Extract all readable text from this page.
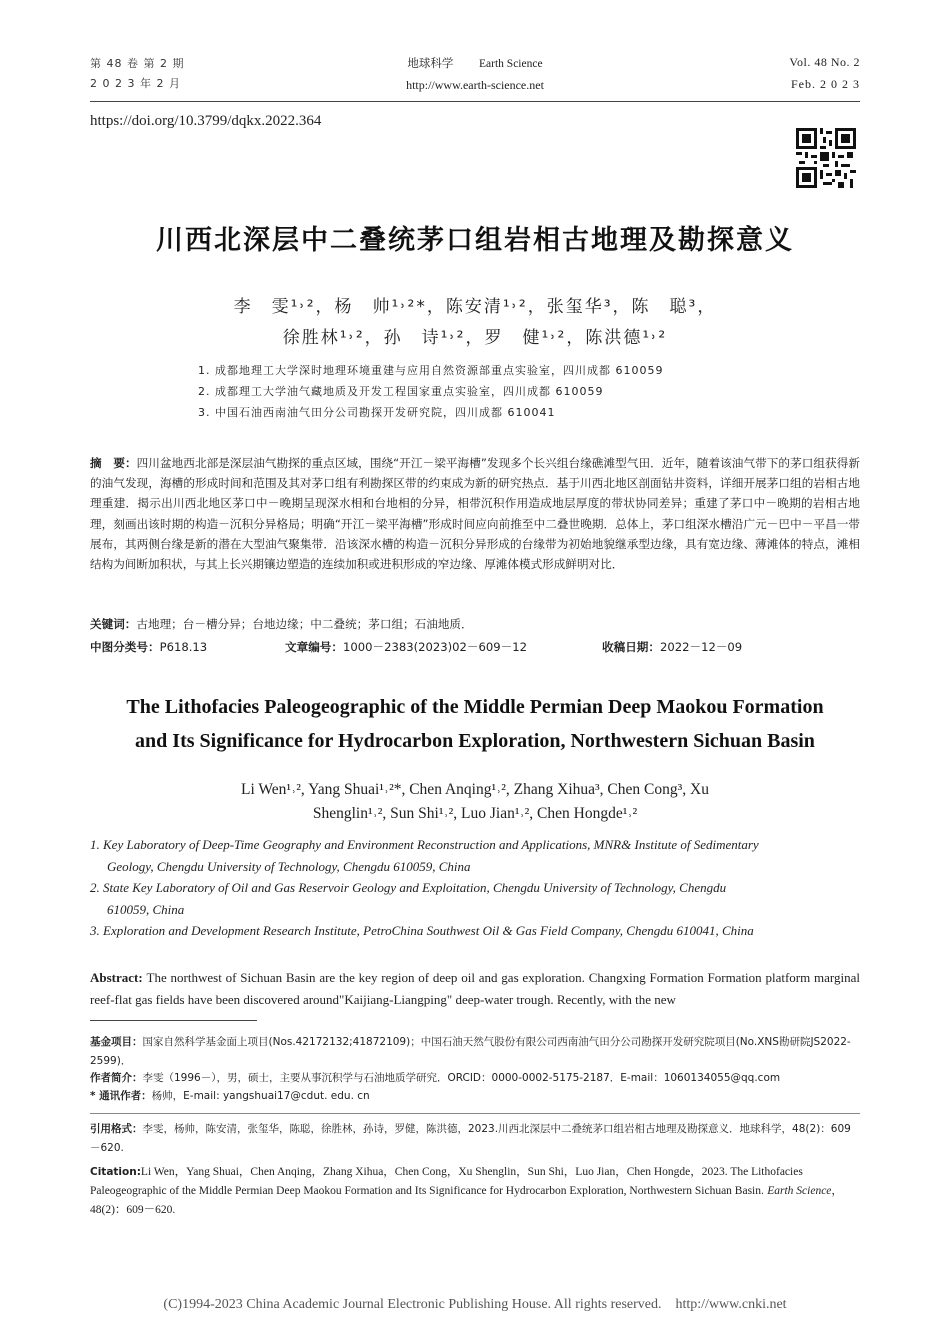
第 48 卷 第 2 期
2 0 2 3 年 2 月
地球科学 Earth Science
http://www.earth-science.net
Vol. 48 No. 2
Feb. 2 0 2 3
https://doi.org/10.3799/dqkx.2022.364
川西北深层中二叠统茅口组岩相古地理及勘探意义
李　雯¹˒²，杨　帅¹˒²*，陈安清¹˒²，张玺华³，陈　聪³，
徐胜林¹˒²，孙　诗¹˒²，罗　健¹˒²，陈洪德¹˒²
1. 成都地理工大学深时地理环境重建与应用自然资源部重点实验室，四川成都 610059
2. 成都理工大学油气藏地质及开发工程国家重点实验室，四川成都 610059
3. 中国石油西南油气田分公司勘探开发研究院，四川成都 610041
摘　要：四川盆地西北部是深层油气勘探的重点区域，围绕“开江－梁平海槽”发现多个长兴组台缘礁滩型气田．近年，随着该油气带下的茅口组获得新的油气发现，海槽的形成时间和范围及其对茅口组有利勘探区带的约束成为新的研究热点．基于川西北地区剖面钻井资料，详细开展茅口组的岩相古地理重建．揭示出川西北地区茅口中－晚期呈现深水相和台地相的分异，相带沉积作用造成地层厚度的带状协同差异；重建了茅口中－晚期的岩相古地理，刻画出该时期的构造－沉积分异格局；明确“开江－梁平海槽”形成时间应向前推至中二叠世晚期．总体上，茅口组深水槽沿广元－巴中－平昌一带展布，其两侧台缘是新的潜在大型油气聚集带．沿该深水槽的构造－沉积分异形成的台缘带为初始地貌继承型边缘，具有宽边缘、薄滩体的特点，滩相结构为间断加积状，与其上长兴期镶边塑造的连续加积或进积形成的窄边缘、厚滩体模式形成鲜明对比．
关键词：古地理；台－槽分异；台地边缘；中二叠统；茅口组；石油地质．
中图分类号：P618.13	文章编号：1000－2383(2023)02－609－12	收稿日期：2022－12－09
The Lithofacies Paleogeographic of the Middle Permian Deep Maokou Formation
and Its Significance for Hydrocarbon Exploration, Northwestern Sichuan Basin
Li Wen¹˒², Yang Shuai¹˒²*, Chen Anqing¹˒², Zhang Xihua³, Chen Cong³, Xu
Shenglin¹˒², Sun Shi¹˒², Luo Jian¹˒², Chen Hongde¹˒²
1. Key Laboratory of Deep-Time Geography and Environment Reconstruction and Applications, MNR& Institute of Sedimentary
Geology, Chengdu University of Technology, Chengdu 610059, China
2. State Key Laboratory of Oil and Gas Reservoir Geology and Exploitation, Chengdu University of Technology, Chengdu
610059, China
3. Exploration and Development Research Institute, PetroChina Southwest Oil & Gas Field Company, Chengdu 610041, China
Abstract: The northwest of Sichuan Basin are the key region of deep oil and gas exploration. Changxing Formation Formation platform marginal reef-flat gas fields have been discovered around"Kaijiang-Liangping" deep-water trough. Recently, with the new
基金项目：国家自然科学基金面上项目(Nos.42172132;41872109)；中国石油天然气股份有限公司西南油气田分公司勘探开发研究院项目(No.XNS勘研院JS2022-2599)．
作者简介：李雯（1996－），男，硕士，主要从事沉积学与石油地质学研究．ORCID：0000-0002-5175-2187．E-mail：1060134055@qq.com
* 通讯作者：杨帅，E-mail: yangshuai17@cdut. edu. cn
引用格式：李雯，杨帅，陈安清，张玺华，陈聪，徐胜林，孙诗，罗健，陈洪德，2023.川西北深层中二叠统茅口组岩相古地理及勘探意义．地球科学，48(2)：609－620.
Citation:Li Wen，Yang Shuai，Chen Anqing，Zhang Xihua，Chen Cong，Xu Shenglin，Sun Shi，Luo Jian，Chen Hongde，2023. The Lithofacies Paleogeographic of the Middle Permian Deep Maokou Formation and Its Significance for Hydrocarbon Exploration, Northwestern Sichuan Basin. Earth Science，48(2)：609－620.
(C)1994-2023 China Academic Journal Electronic Publishing House. All rights reserved.    http://www.cnki.net
